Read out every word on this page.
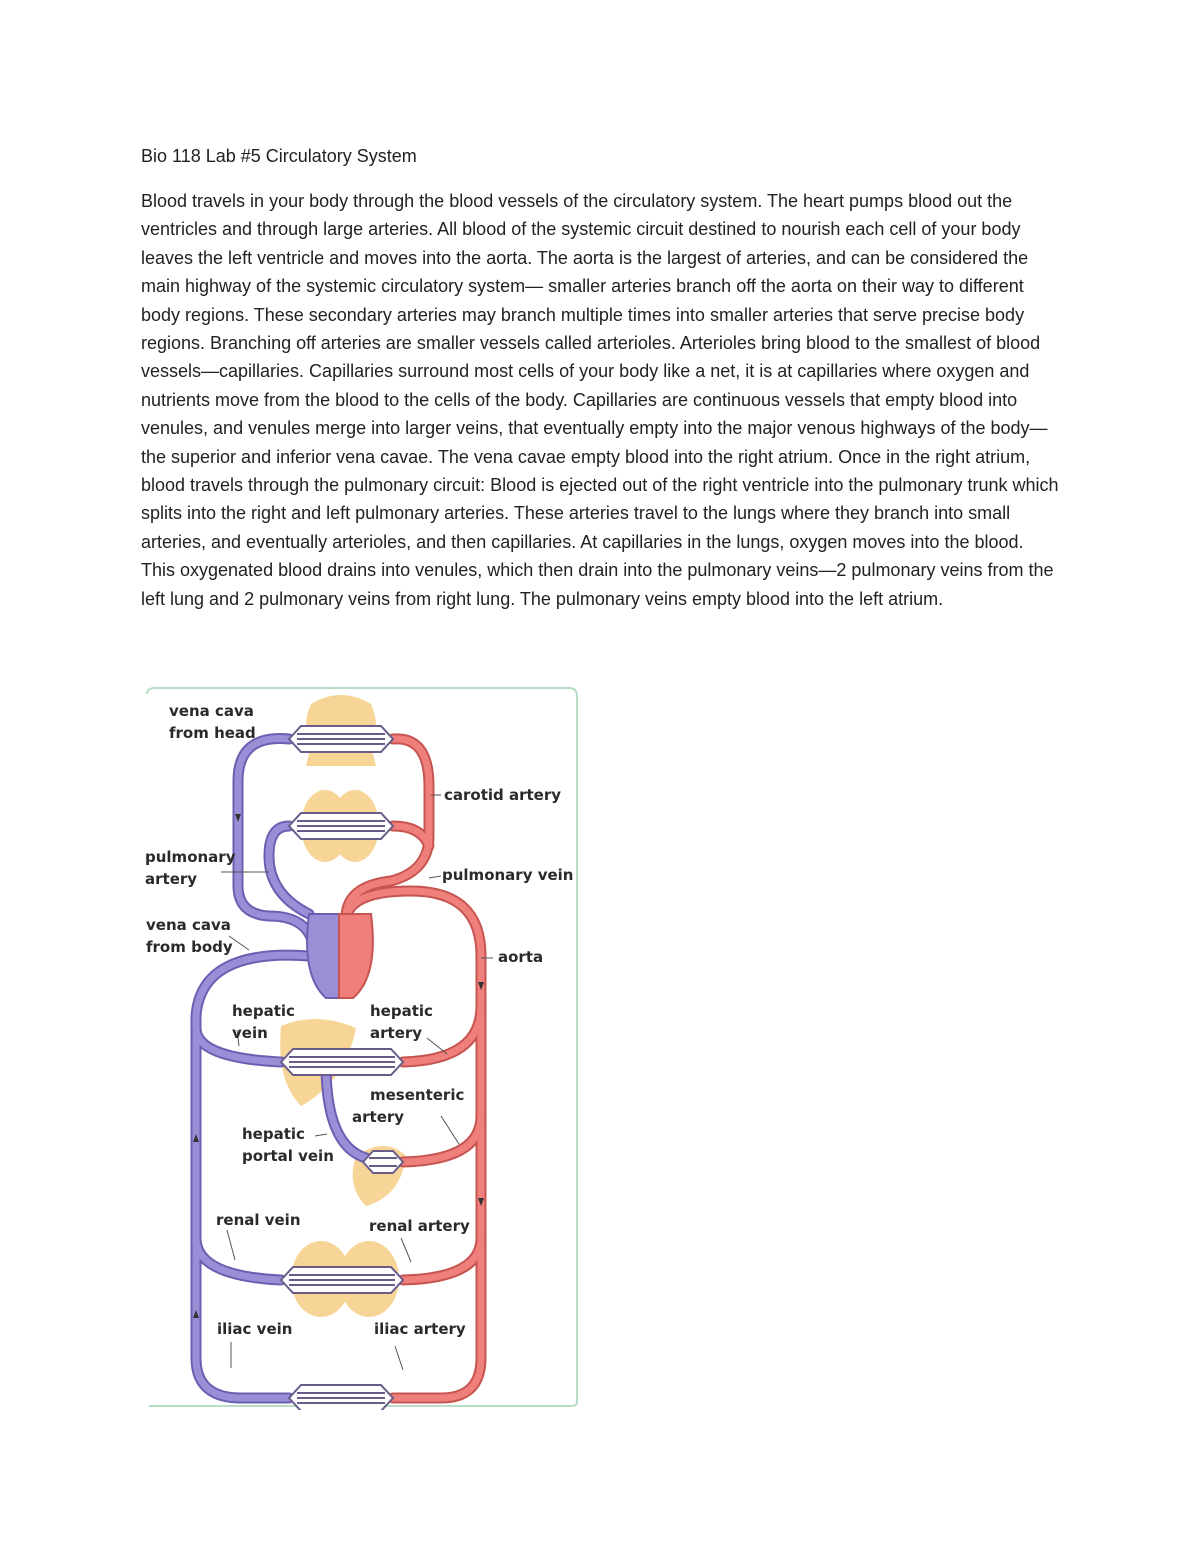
Bio 118 Lab #5 Circulatory System

Blood travels in your body through the blood vessels of the circulatory system. The heart pumps blood out the ventricles and through large arteries. All blood of the systemic circuit destined to nourish each cell of your body leaves the left ventricle and moves into the aorta. The aorta is the largest of arteries, and can be considered the main highway of the systemic circulatory system— smaller arteries branch off the aorta on their way to different body regions. These secondary arteries may branch multiple times into smaller arteries that serve precise body regions. Branching off arteries are smaller vessels called arterioles. Arterioles bring blood to the smallest of blood vessels—capillaries. Capillaries surround most cells of your body like a net, it is at capillaries where oxygen and nutrients move from the blood to the cells of the body. Capillaries are continuous vessels that empty blood into venules, and venules merge into larger veins, that eventually empty into the major venous highways of the body—the superior and inferior vena cavae. The vena cavae empty blood into the right atrium. Once in the right atrium, blood travels through the pulmonary circuit: Blood is ejected out of the right ventricle into the pulmonary trunk which splits into the right and left pulmonary arteries. These arteries travel to the lungs where they branch into small arteries, and eventually arterioles, and then capillaries. At capillaries in the lungs, oxygen moves into the blood. This oxygenated blood drains into venules, which then drain into the pulmonary veins—2 pulmonary veins from the left lung and 2 pulmonary veins from right lung. The pulmonary veins empty blood into the left atrium.

vena cava
from head
carotid artery
pulmonary
artery	pulmonary vein
vena cava
from body
aorta
hepatic
vein
hepatic
artery
mesenteric
artery
hepatic
portal vein
renal vein	renal artery
iliac vein	iliac artery
